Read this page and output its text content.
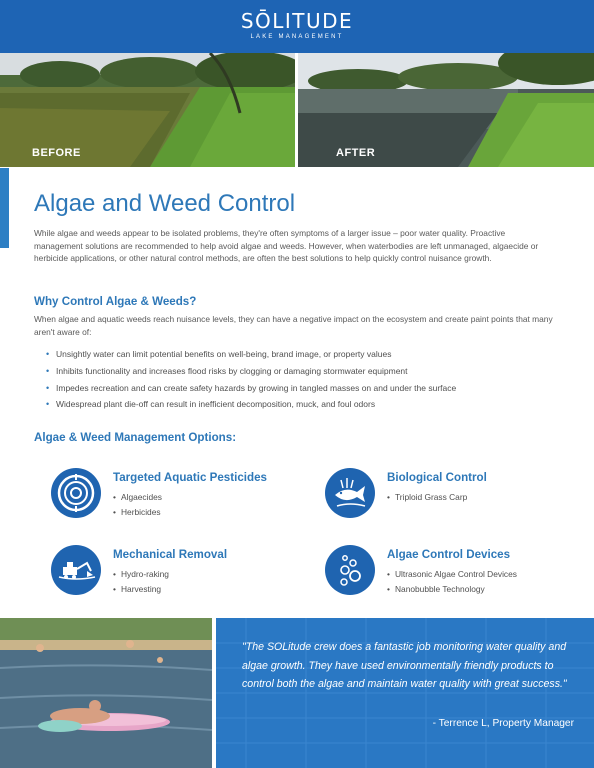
SŌLITUDE
LAKE MANAGEMENT
BEFORE	AFTER
Algae and Weed Control

While algae and weeds appear to be isolated problems, they're often symptoms of a larger issue – poor water quality. Proactive management solutions are recommended to help avoid algae and weeds. However, when waterbodies are left unmanaged, algaecide or herbicide applications, or other natural control methods, are often the best solutions to help quickly control nuisance growth.

Why Control Algae & Weeds?

When algae and aquatic weeds reach nuisance levels, they can have a negative impact on the ecosystem and create paint points that many aren't aware of:

• Unsightly water can limit potential benefits on well-being, brand image, or property values
• Inhibits functionality and increases flood risks by clogging or damaging stormwater equipment
• Impedes recreation and can create safety hazards by growing in tangled masses on and under the surface
• Widespread plant die-off can result in inefficient decomposition, muck, and foul odors
Algae & Weed Management Options:
Targeted Aquatic Pesticides
• Algaecides
• Herbicides
Biological Control
• Triploid Grass Carp
Mechanical Removal
• Hydro-raking
• Harvesting
Algae Control Devices
• Ultrasonic Algae Control Devices
• Nanobubble Technology

"The SOLitude crew does a fantastic job monitoring water quality and algae growth. They have used environmentally friendly products to control both the algae and maintain water quality with great success."

- Terrence L, Property Manager
